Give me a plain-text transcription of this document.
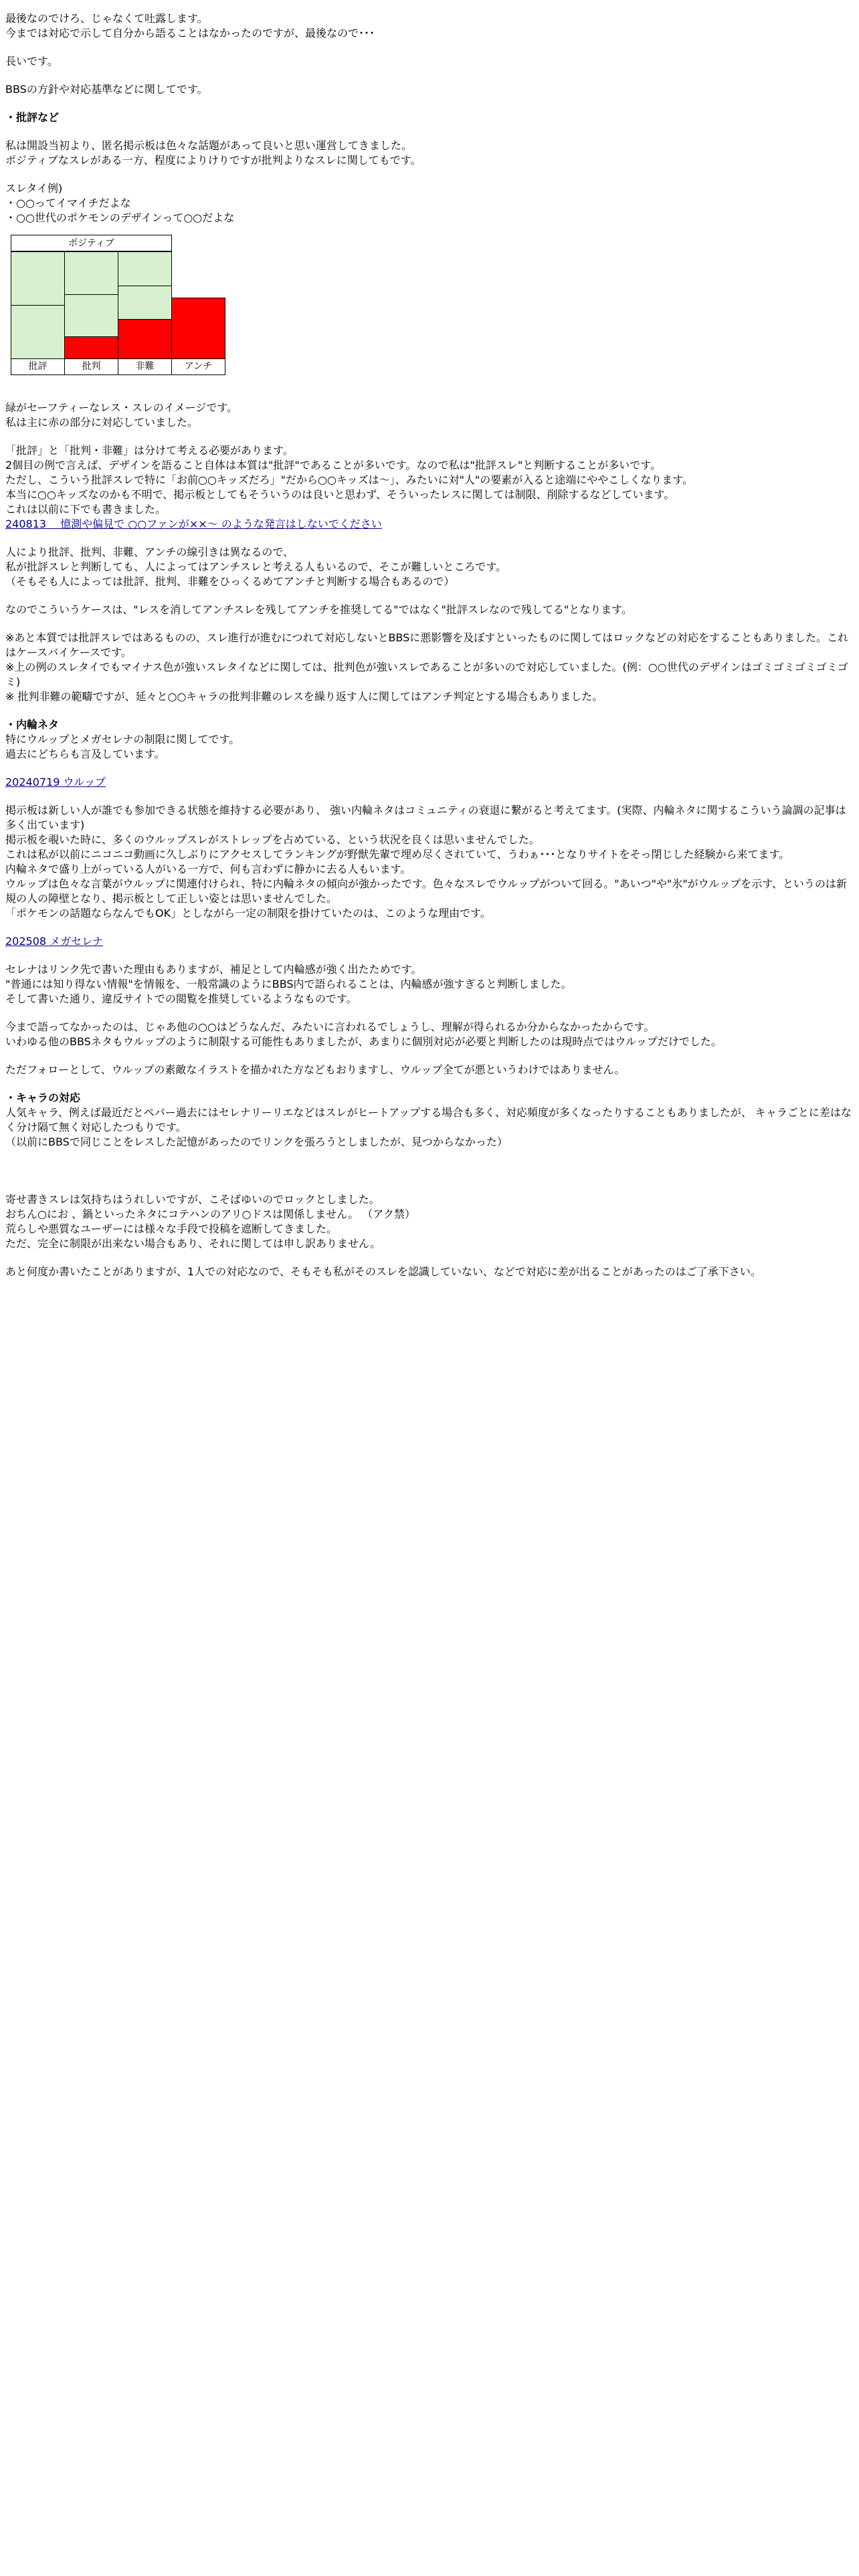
最後なのでけろ、じゃなくて吐露します。
今までは対応で示して自分から語ることはなかったのですが、最後なので･･･

長いです。

BBSの方針や対応基準などに関してです。

・批評など

私は開設当初より、匿名掲示板は色々な話題があって良いと思い運営してきました。
ポジティブなスレがある一方、程度によりけりですが批判よりなスレに関してもです。

スレタイ例)
・○○ってイマイチだよな
・○○世代のポケモンのデザインって○○だよな

ポジティブ
批評	批判	非難	アンチ

緑がセーフティーなレス・スレのイメージです。
私は主に赤の部分に対応していました。

「批評」と「批判・非難」は分けて考える必要があります。
2個目の例で言えば、デザインを語ること自体は本質は"批評"であることが多いです。なので私は"批評スレ"と判断することが多いです。
ただし、こういう批評スレで特に「お前○○キッズだろ」"だから○○キッズは〜」、みたいに対"人"の要素が入ると途端にややこしくなります。
本当に○○キッズなのかも不明で、掲示板としてもそういうのは良いと思わず、そういったレスに関しては制限、削除するなどしています。
これは以前に下でも書きました。
240813 　憶測や偏見で ○○ファンが××〜 のような発言はしないでください

人により批評、批判、非難、アンチの線引きは異なるので、
私が批評スレと判断しても、人によってはアンチスレと考える人もいるので、そこが難しいところです。
（そもそも人によっては批評、批判、非難をひっくるめてアンチと判断する場合もあるので）

なのでこういうケースは、"レスを消してアンチスレを残してアンチを推奨してる"ではなく"批評スレなので残してる"となります。

※あと本質では批評スレではあるものの、スレ進行が進むにつれて対応しないとBBSに悪影響を及ぼすといったものに関してはロックなどの対応をすることもありました。これはケースバイケースです。
※上の例のスレタイでもマイナス色が強いスレタイなどに関しては、批判色が強いスレであることが多いので対応していました。(例：○○世代のデザインはゴミゴミゴミゴミゴミ)
※ 批判非難の範疇ですが、延々と○○キャラの批判非難のレスを繰り返す人に関してはアンチ判定とする場合もありました。

・内輪ネタ
特にウルップとメガセレナの制限に関してです。
過去にどちらも言及しています。

20240719 ウルップ

掲示板は新しい人が誰でも参加できる状態を維持する必要があり、 強い内輪ネタはコミュニティの衰退に繋がると考えてます。(実際、内輪ネタに関するこういう論調の記事は多く出ています)
掲示板を覗いた時に、多くのウルップスレがストレップを占めている、という状況を良くは思いませんでした。
これは私が以前にニコニコ動画に久しぶりにアクセスしてランキングが野獣先輩で埋め尽くされていて、うわぁ･･･となりサイトをそっ閉じした経験から来てます。
内輪ネタで盛り上がっている人がいる一方で、何も言わずに静かに去る人もいます。
ウルップは色々な言葉がウルップに関連付けられ、特に内輪ネタの傾向が強かったです。色々なスレでウルップがついて回る。"あいつ"や"氷"がウルップを示す、というのは新規の人の障壁となり、掲示板として正しい姿とは思いませんでした。
「ポケモンの話題ならなんでもOK」としながら一定の制限を掛けていたのは、このような理由です。

202508 メガセレナ

セレナはリンク先で書いた理由もありますが、補足として内輪感が強く出たためです。
"普通には知り得ない情報"を情報を、一般常識のようにBBS内で語られることは、内輪感が強すぎると判断しました。
そして書いた通り、違反サイトでの閲覧を推奨しているようなものです。

今まで語ってなかったのは、じゃあ他の○○はどうなんだ、みたいに言われるでしょうし、理解が得られるか分からなかったからです。
いわゆる他のBBSネタもウルップのように制限する可能性もありましたが、あまりに個別対応が必要と判断したのは現時点ではウルップだけでした。

ただフォローとして、ウルップの素敵なイラストを描かれた方などもおりますし、ウルップ全てが悪というわけではありません。

・キャラの対応
人気キャラ、例えば最近だとペパー過去にはセレナリーリエなどはスレがヒートアップする場合も多く、対応頻度が多くなったりすることもありましたが、 キャラごとに差はなく分け隔て無く対応したつもりです。
（以前にBBSで同じことをレスした記憶があったのでリンクを張ろうとしましたが、見つからなかった）

寄せ書きスレは気持ちはうれしいですが、こそばゆいのでロックとしました。
おちん○にお 、鍋といったネタにコテハンのアリ○ドスは関係しません。 （アク禁）
荒らしや悪質なユーザーには様々な手段で投稿を遮断してきました。
ただ、完全に制限が出来ない場合もあり、それに関しては申し訳ありません。

あと何度か書いたことがありますが、1人での対応なので、そもそも私がそのスレを認識していない、などで対応に差が出ることがあったのはご了承下さい。
